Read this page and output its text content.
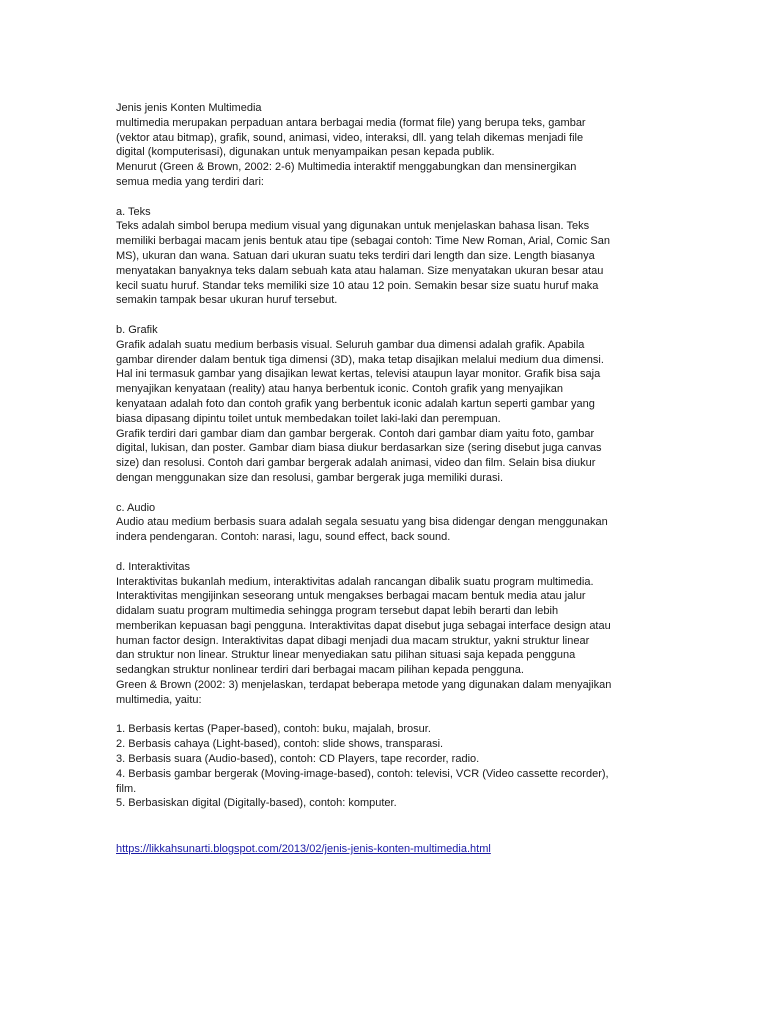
Jenis jenis Konten Multimedia
multimedia merupakan perpaduan antara berbagai media (format file) yang berupa teks, gambar
(vektor atau bitmap), grafik, sound, animasi, video, interaksi, dll. yang telah dikemas menjadi file
digital (komputerisasi), digunakan untuk menyampaikan pesan kepada publik.
Menurut (Green & Brown, 2002: 2-6) Multimedia interaktif menggabungkan dan mensinergikan
semua media yang terdiri dari:
a. Teks
Teks adalah simbol berupa medium visual yang digunakan untuk menjelaskan bahasa lisan. Teks
memiliki berbagai macam jenis bentuk atau tipe (sebagai contoh: Time New Roman, Arial, Comic San
MS), ukuran dan wana. Satuan dari ukuran suatu teks terdiri dari length dan size. Length biasanya
menyatakan banyaknya teks dalam sebuah kata atau halaman. Size menyatakan ukuran besar atau
kecil suatu huruf. Standar teks memiliki size 10 atau 12 poin. Semakin besar size suatu huruf maka
semakin tampak besar ukuran huruf tersebut.
b. Grafik
Grafik adalah suatu medium berbasis visual. Seluruh gambar dua dimensi adalah grafik. Apabila
gambar dirender dalam bentuk tiga dimensi (3D), maka tetap disajikan melalui medium dua dimensi.
Hal ini termasuk gambar yang disajikan lewat kertas, televisi ataupun layar monitor. Grafik bisa saja
menyajikan kenyataan (reality) atau hanya berbentuk iconic. Contoh grafik yang menyajikan
kenyataan adalah foto dan contoh grafik yang berbentuk iconic adalah kartun seperti gambar yang
biasa dipasang dipintu toilet untuk membedakan toilet laki-laki dan perempuan.
Grafik terdiri dari gambar diam dan gambar bergerak. Contoh dari gambar diam yaitu foto, gambar
digital, lukisan, dan poster. Gambar diam biasa diukur berdasarkan size (sering disebut juga canvas
size) dan resolusi. Contoh dari gambar bergerak adalah animasi, video dan film. Selain bisa diukur
dengan menggunakan size dan resolusi, gambar bergerak juga memiliki durasi.
c. Audio
Audio atau medium berbasis suara adalah segala sesuatu yang bisa didengar dengan menggunakan
indera pendengaran. Contoh: narasi, lagu, sound effect, back sound.
d. Interaktivitas
Interaktivitas bukanlah medium, interaktivitas adalah rancangan dibalik suatu program multimedia.
Interaktivitas mengijinkan seseorang untuk mengakses berbagai macam bentuk media atau jalur
didalam suatu program multimedia sehingga program tersebut dapat lebih berarti dan lebih
memberikan kepuasan bagi pengguna. Interaktivitas dapat disebut juga sebagai interface design atau
human factor design. Interaktivitas dapat dibagi menjadi dua macam struktur, yakni struktur linear
dan struktur non linear. Struktur linear menyediakan satu pilihan situasi saja kepada pengguna
sedangkan struktur nonlinear terdiri dari berbagai macam pilihan kepada pengguna.
Green & Brown (2002: 3) menjelaskan, terdapat beberapa metode yang digunakan dalam menyajikan
multimedia, yaitu:
1. Berbasis kertas (Paper-based), contoh: buku, majalah, brosur.
2. Berbasis cahaya (Light-based), contoh: slide shows, transparasi.
3. Berbasis suara (Audio-based), contoh: CD Players, tape recorder, radio.
4. Berbasis gambar bergerak (Moving-image-based), contoh: televisi, VCR (Video cassette recorder),
film.
5. Berbasiskan digital (Digitally-based), contoh: komputer.
https://likkahsunarti.blogspot.com/2013/02/jenis-jenis-konten-multimedia.html
